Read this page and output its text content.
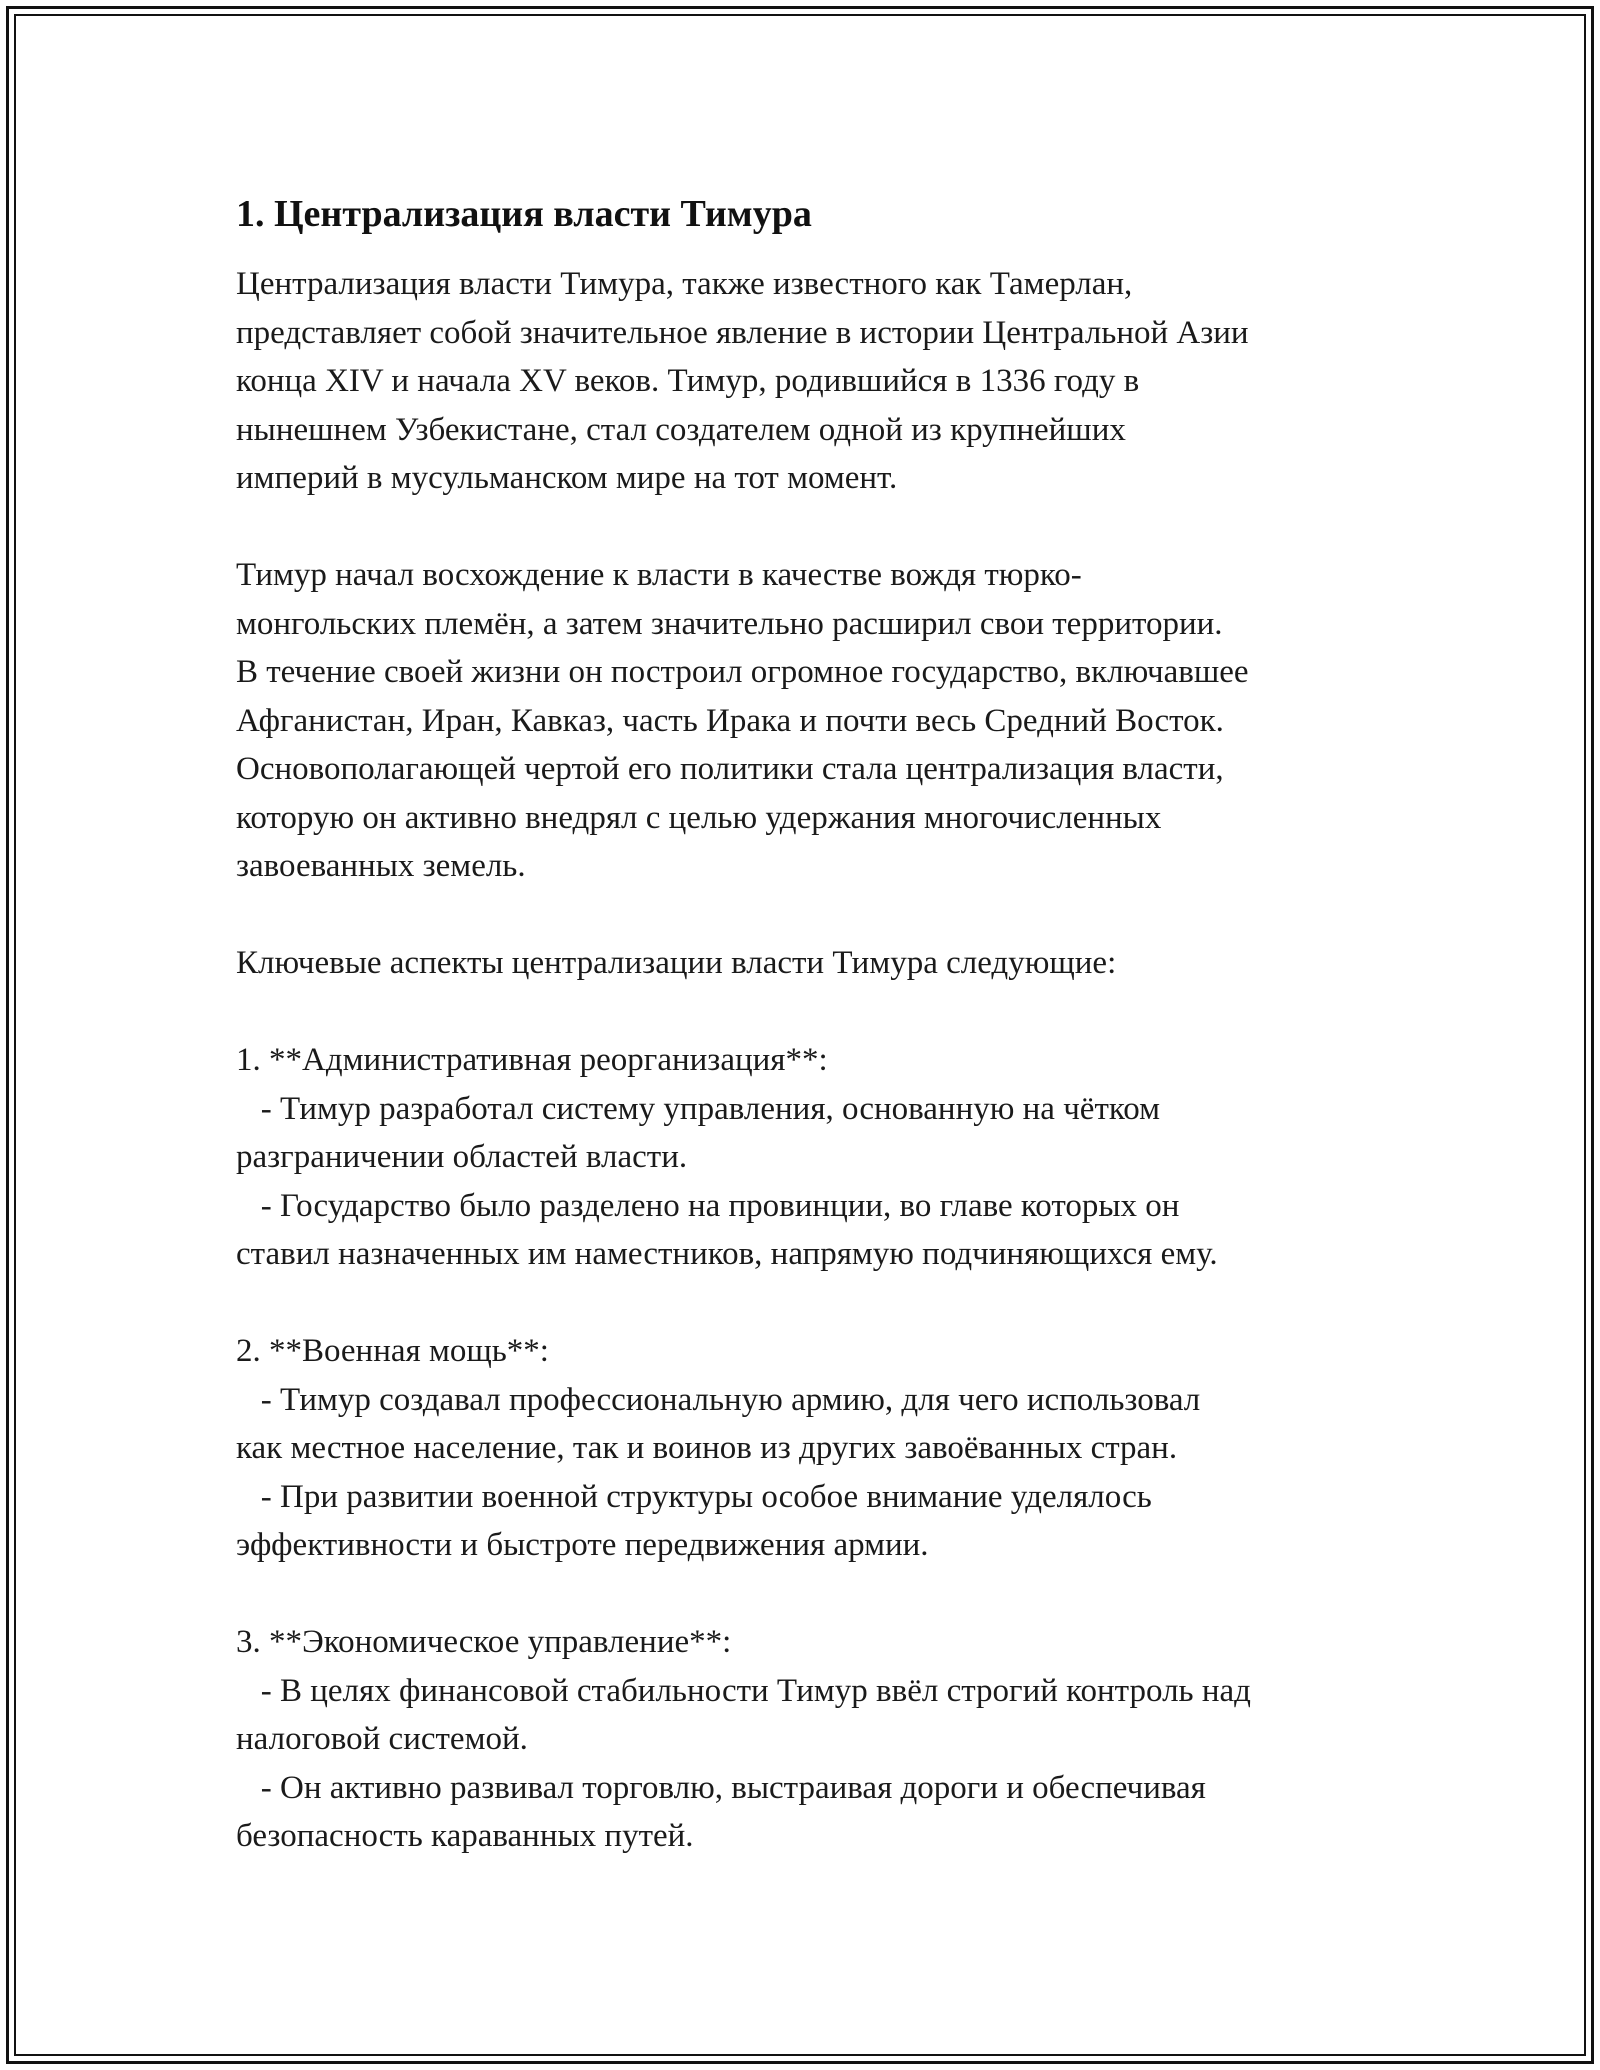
1. Централизация власти Тимура
Централизация власти Тимура, также известного как Тамерлан,
представляет собой значительное явление в истории Центральной Азии
конца XIV и начала XV веков. Тимур, родившийся в 1336 году в
нынешнем Узбекистане, стал создателем одной из крупнейших
империй в мусульманском мире на тот момент.
Тимур начал восхождение к власти в качестве вождя тюрко-
монгольских племён, а затем значительно расширил свои территории.
В течение своей жизни он построил огромное государство, включавшее
Афганистан, Иран, Кавказ, часть Ирака и почти весь Средний Восток.
Основополагающей чертой его политики стала централизация власти,
которую он активно внедрял с целью удержания многочисленных
завоеванных земель.
Ключевые аспекты централизации власти Тимура следующие:
1. **Административная реорганизация**:
- Тимур разработал систему управления, основанную на чётком
разграничении областей власти.
- Государство было разделено на провинции, во главе которых он
ставил назначенных им наместников, напрямую подчиняющихся ему.
2. **Военная мощь**:
- Тимур создавал профессиональную армию, для чего использовал
как местное население, так и воинов из других завоёванных стран.
- При развитии военной структуры особое внимание уделялось
эффективности и быстроте передвижения армии.
3. **Экономическое управление**:
- В целях финансовой стабильности Тимур ввёл строгий контроль над
налоговой системой.
- Он активно развивал торговлю, выстраивая дороги и обеспечивая
безопасность караванных путей.
